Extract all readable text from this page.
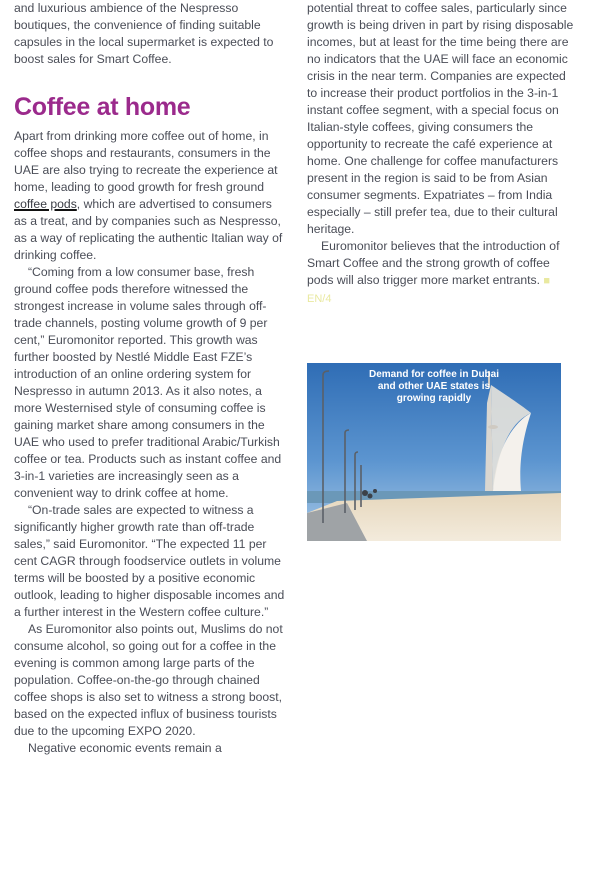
and luxurious ambience of the Nespresso boutiques, the convenience of finding suitable capsules in the local supermarket is expected to boost sales for Smart Coffee.

Coffee at home

Apart from drinking more coffee out of home, in coffee shops and restaurants, consumers in the UAE are also trying to recreate the experience at home, leading to good growth for fresh ground coffee pods, which are advertised to consumers as a treat, and by companies such as Nespresso, as a way of replicating the authentic Italian way of drinking coffee.

“Coming from a low consumer base, fresh ground coffee pods therefore witnessed the strongest increase in volume sales through off-trade channels, posting volume growth of 9 per cent,” Euromonitor reported. This growth was further boosted by Nestlé Middle East FZE’s introduction of an online ordering system for Nespresso in autumn 2013. As it also notes, a more Westernised style of consuming coffee is gaining market share among consumers in the UAE who used to prefer traditional Arabic/Turkish coffee or tea. Products such as instant coffee and 3-in-1 varieties are increasingly seen as a convenient way to drink coffee at home.

“On-trade sales are expected to witness a significantly higher growth rate than off-trade sales,” said Euromonitor. “The expected 11 per cent CAGR through foodservice outlets in volume terms will be boosted by a positive economic outlook, leading to higher disposable incomes and a further interest in the Western coffee culture.”

As Euromonitor also points out, Muslims do not consume alcohol, so going out for a coffee in the evening is common among large parts of the population. Coffee-on-the-go through chained coffee shops is also set to witness a strong boost, based on the expected influx of business tourists due to the upcoming EXPO 2020.

Negative economic events remain a

potential threat to coffee sales, particularly since growth is being driven in part by rising disposable incomes, but at least for the time being there are no indicators that the UAE will face an economic crisis in the near term. Companies are expected to increase their product portfolios in the 3-in-1 instant coffee segment, with a special focus on Italian-style coffees, giving consumers the opportunity to recreate the café experience at home. One challenge for coffee manufacturers present in the region is said to be from Asian consumer segments. Expatriates – from India especially – still prefer tea, due to their cultural heritage.

Euromonitor believes that the introduction of Smart Coffee and the strong growth of coffee pods will also trigger more market entrants. ■ EN/4

Demand for coffee in Dubai
and other UAE states is
growing rapidly
